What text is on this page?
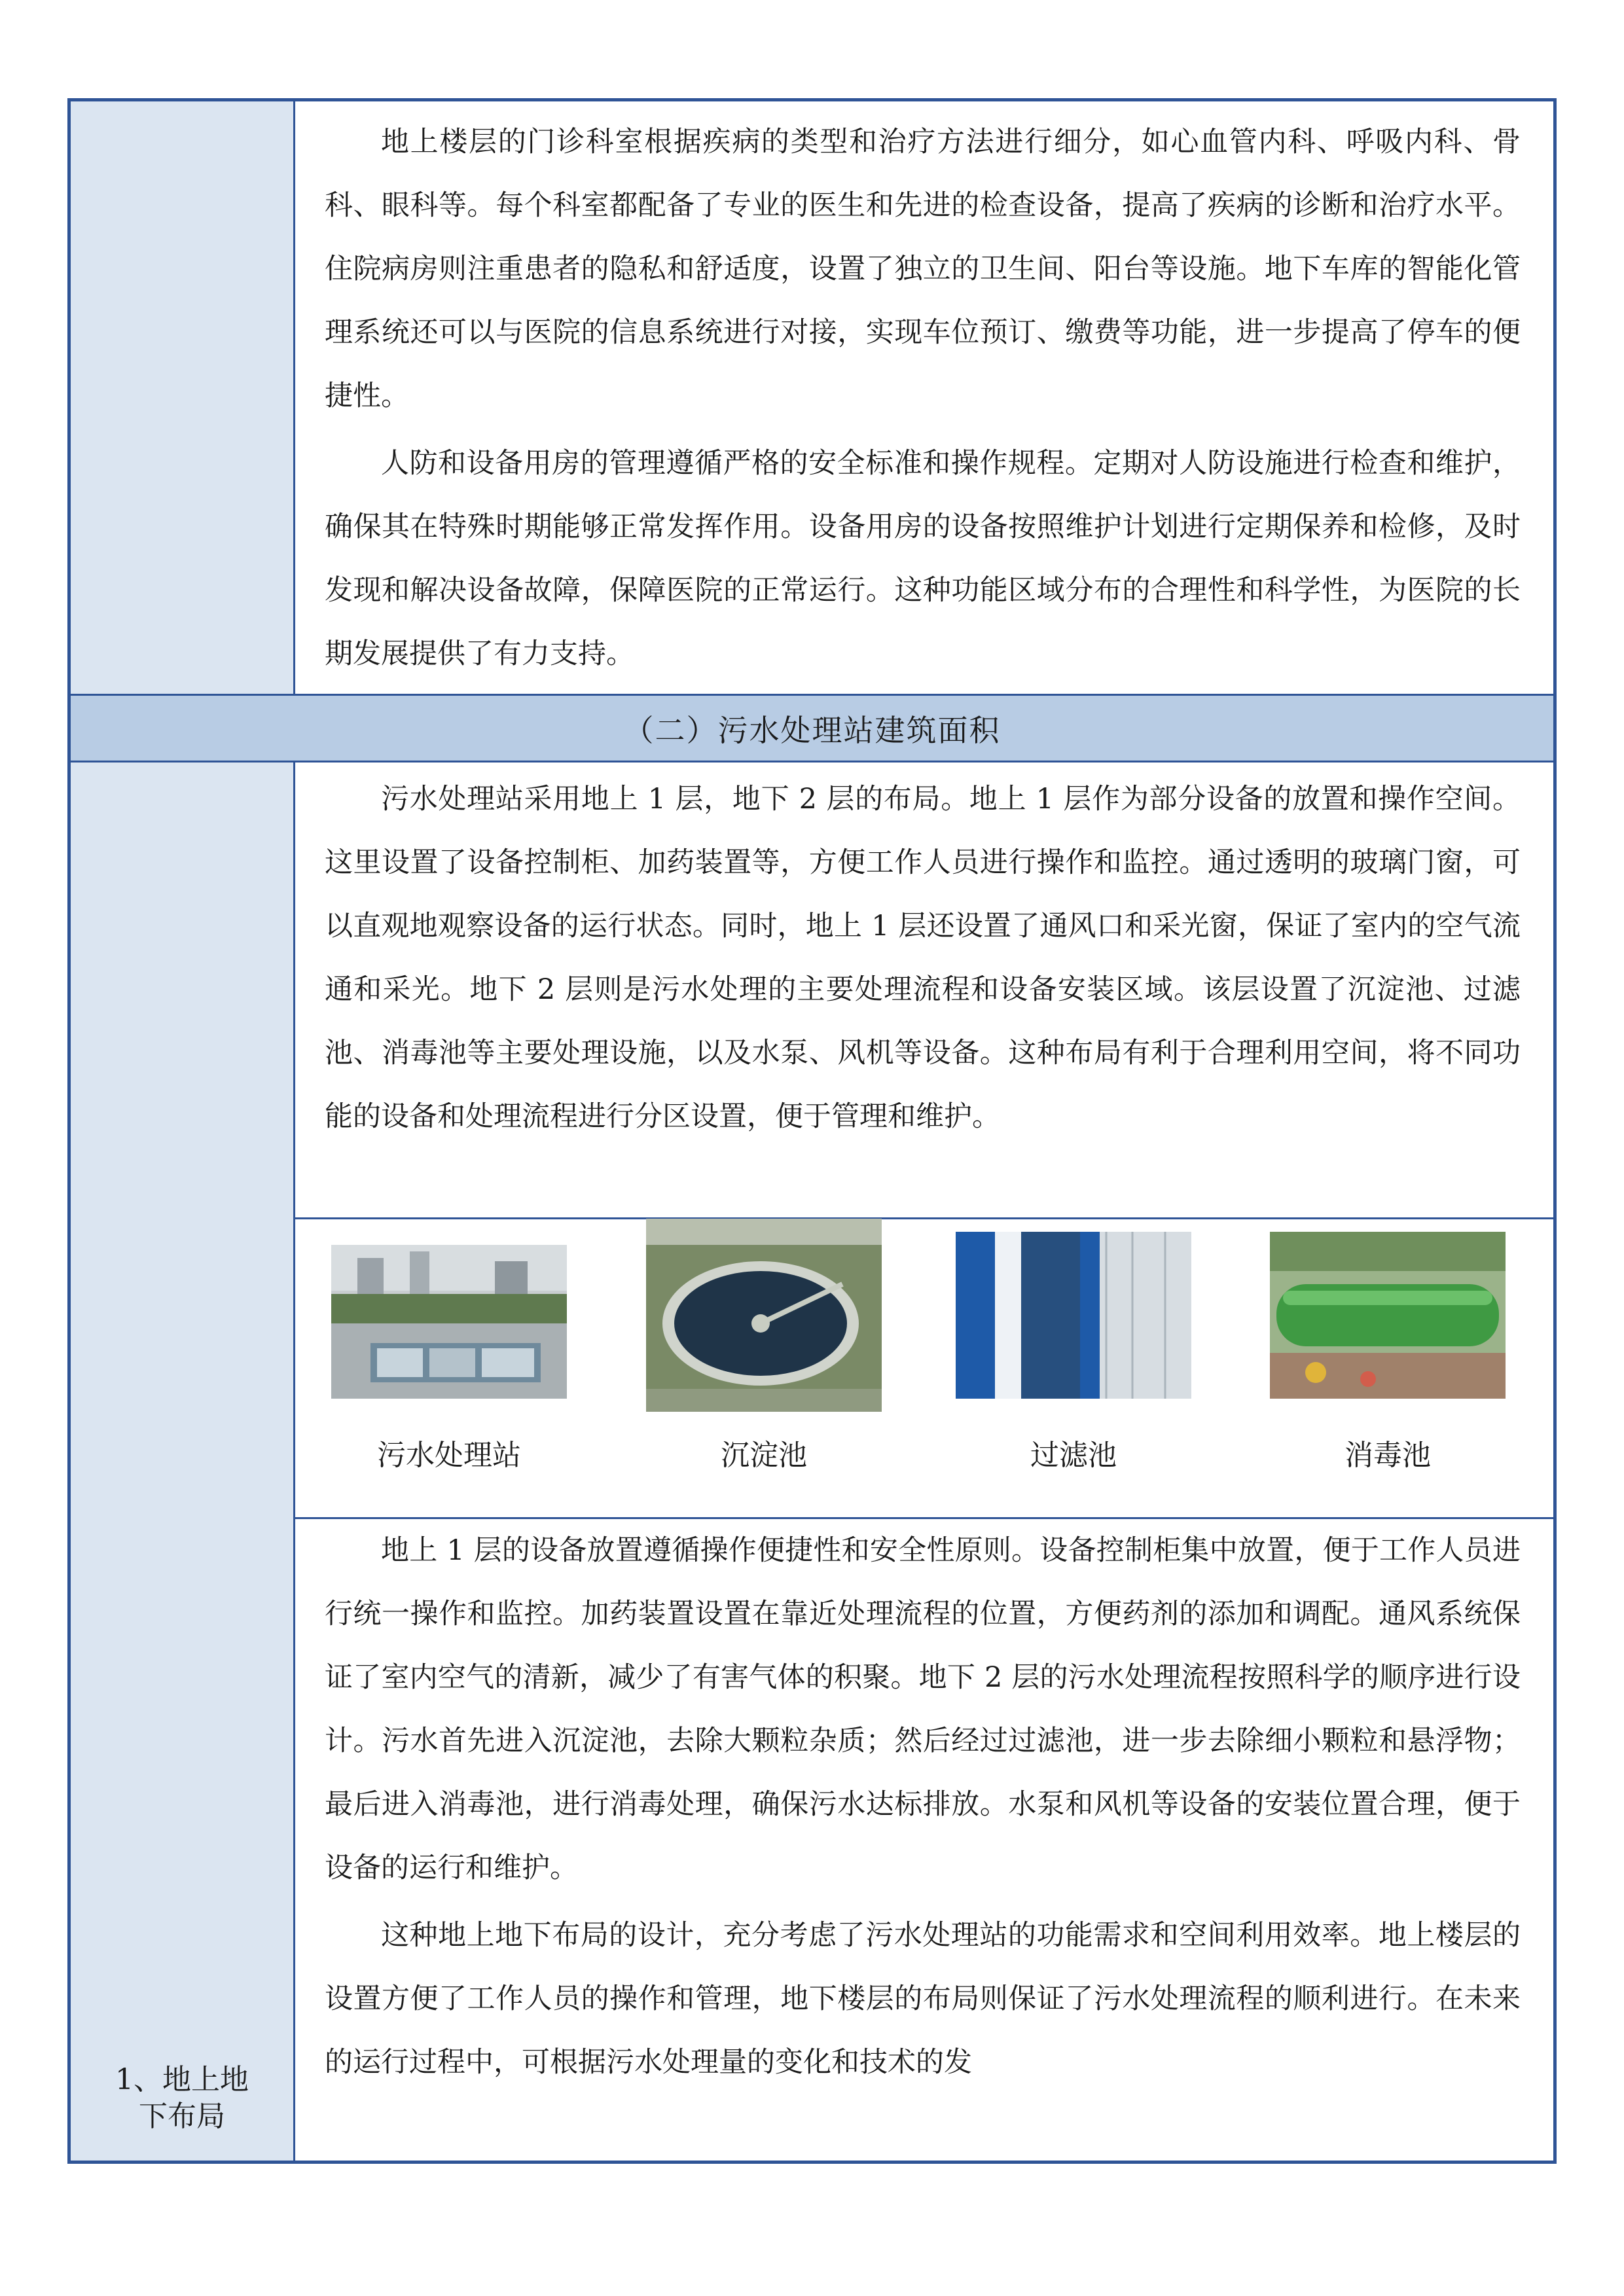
地上楼层的门诊科室根据疾病的类型和治疗方法进行细分，如心血管内科、呼吸内科、骨科、眼科等。每个科室都配备了专业的医生和先进的检查设备，提高了疾病的诊断和治疗水平。住院病房则注重患者的隐私和舒适度，设置了独立的卫生间、阳台等设施。地下车库的智能化管理系统还可以与医院的信息系统进行对接，实现车位预订、缴费等功能，进一步提高了停车的便捷性。

人防和设备用房的管理遵循严格的安全标准和操作规程。定期对人防设施进行检查和维护，确保其在特殊时期能够正常发挥作用。设备用房的设备按照维护计划进行定期保养和检修，及时发现和解决设备故障，保障医院的正常运行。这种功能区域分布的合理性和科学性，为医院的长期发展提供了有力支持。

（二）污水处理站建筑面积
1、地上地下布局

污水处理站采用地上 1 层，地下 2 层的布局。地上 1 层作为部分设备的放置和操作空间。这里设置了设备控制柜、加药装置等，方便工作人员进行操作和监控。通过透明的玻璃门窗，可以直观地观察设备的运行状态。同时，地上 1 层还设置了通风口和采光窗，保证了室内的空气流通和采光。地下 2 层则是污水处理的主要处理流程和设备安装区域。该层设置了沉淀池、过滤池、消毒池等主要处理设施，以及水泵、风机等设备。这种布局有利于合理利用空间，将不同功能的设备和处理流程进行分区设置，便于管理和维护。

污水处理站	沉淀池	过滤池	消毒池

地上 1 层的设备放置遵循操作便捷性和安全性原则。设备控制柜集中放置，便于工作人员进行统一操作和监控。加药装置设置在靠近处理流程的位置，方便药剂的添加和调配。通风系统保证了室内空气的清新，减少了有害气体的积聚。地下 2 层的污水处理流程按照科学的顺序进行设计。污水首先进入沉淀池，去除大颗粒杂质；然后经过过滤池，进一步去除细小颗粒和悬浮物；最后进入消毒池，进行消毒处理，确保污水达标排放。水泵和风机等设备的安装位置合理，便于设备的运行和维护。

这种地上地下布局的设计，充分考虑了污水处理站的功能需求和空间利用效率。地上楼层的设置方便了工作人员的操作和管理，地下楼层的布局则保证了污水处理流程的顺利进行。在未来的运行过程中，可根据污水处理量的变化和技术的发
